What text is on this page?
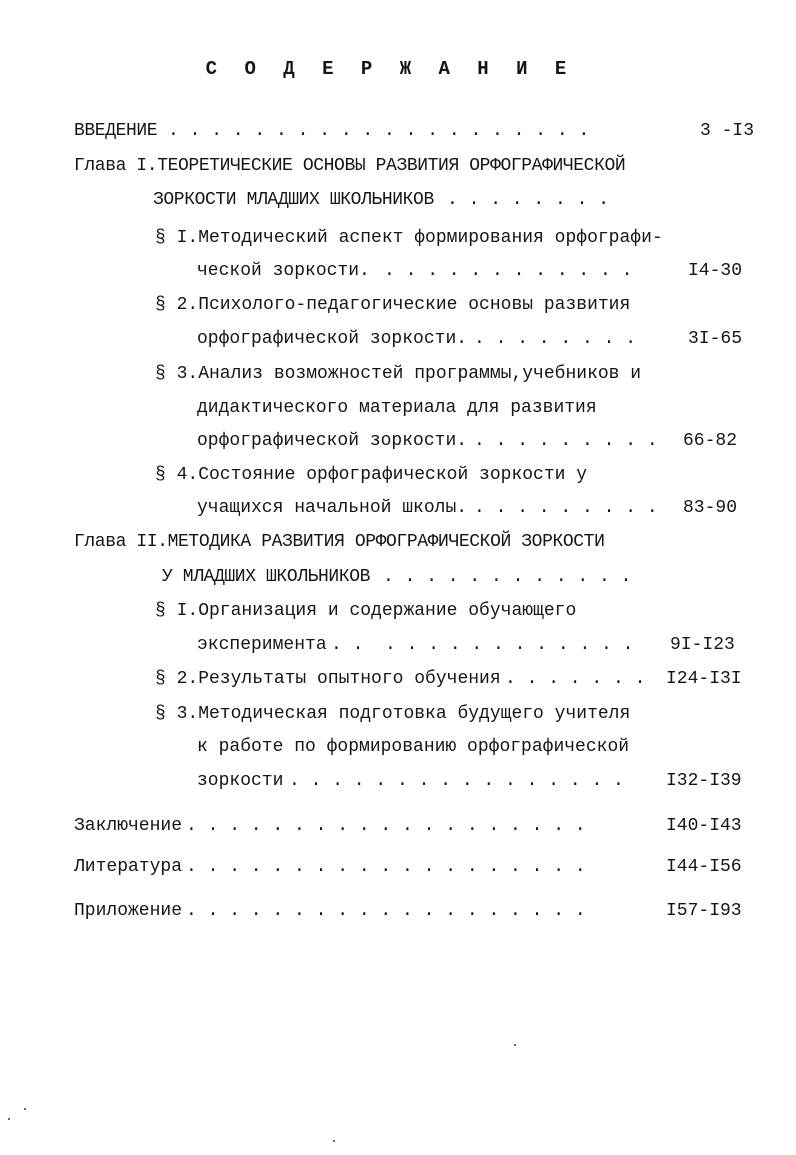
С О Д Е Р Ж А Н И Е
ВВЕДЕНИЕ . . . . . . . . . . . . . . . . . . . .	3 -I3
Глава I.ТЕОРЕТИЧЕСКИЕ ОСНОВЫ РАЗВИТИЯ ОРФОГРАФИЧЕСКОЙ
ЗОРКОСТИ МЛАДШИХ ШКОЛЬНИКОВ . . . . . . . .
§ I.Методический аспект формирования орфографи-
ческой зоркости. . . . . . . . . . . . .	I4-30
§ 2.Психолого-педагогические основы развития
орфографической зоркости. . . . . . . . .	3I-65
§ 3.Анализ возможностей программы,учебников и
дидактического материала для развития
орфографической зоркости. . . . . . . . . . 66-82
§ 4.Состояние орфографической зоркости у
учащихся начальной школы. . . . . . . . . . 83-90
Глава II.МЕТОДИКА РАЗВИТИЯ ОРФОГРАФИЧЕСКОЙ ЗОРКОСТИ
У МЛАДШИХ ШКОЛЬНИКОВ . . . . . . . . . . . .
§ I.Организация и содержание обучающего
эксперимента . .  . . . . . . . . . . . . 9I-I23
§ 2.Результаты опытного обучения . . . . . . . I24-I3I
§ 3.Методическая подготовка будущего учителя
к работе по формированию орфографической
зоркости . . . . . . . . . . . . . . . . I32-I39
Заключение . . . . . . . . . . . . . . . . . . .	I40-I43
Литература . . . . . . . . . . . . . . . . . . .	I44-I56
Приложение . . . . . . . . . . . . . . . . . . .	I57-I93
